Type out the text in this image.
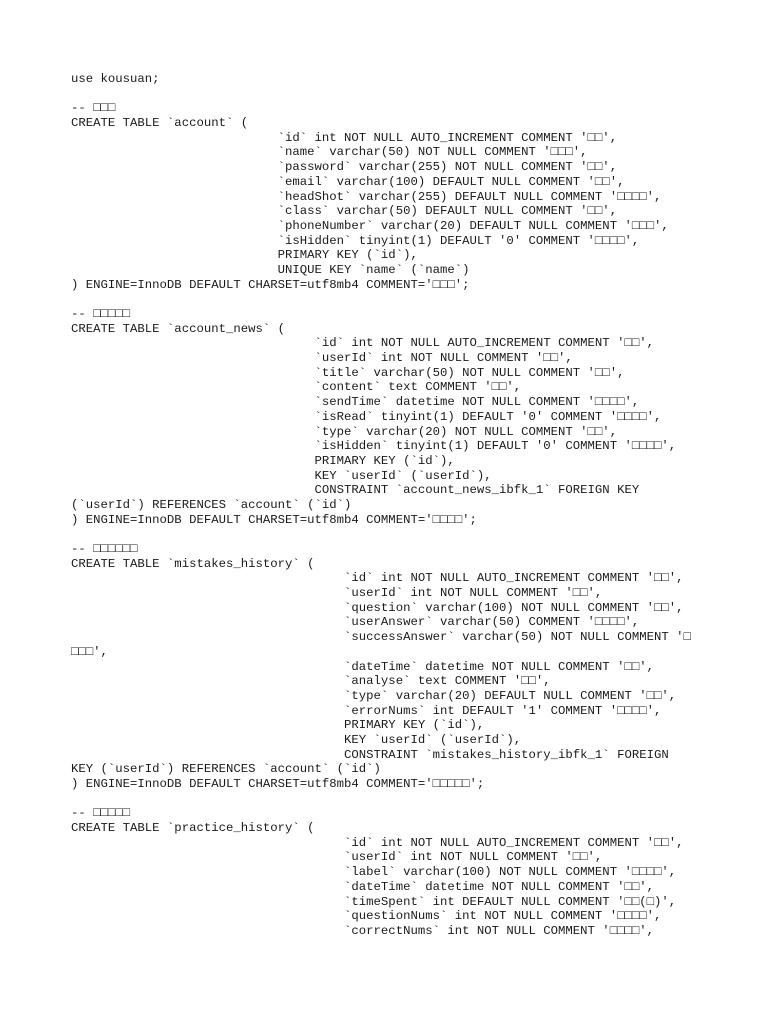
use kousuan;
-- □□□
CREATE TABLE `account` (
`id` int NOT NULL AUTO_INCREMENT COMMENT '□□',
`name` varchar(50) NOT NULL COMMENT '□□□',
`password` varchar(255) NOT NULL COMMENT '□□',
`email` varchar(100) DEFAULT NULL COMMENT '□□',
`headShot` varchar(255) DEFAULT NULL COMMENT '□□□□',
`class` varchar(50) DEFAULT NULL COMMENT '□□',
`phoneNumber` varchar(20) DEFAULT NULL COMMENT '□□□',
`isHidden` tinyint(1) DEFAULT '0' COMMENT '□□□□',
PRIMARY KEY (`id`),
UNIQUE KEY `name` (`name`)
) ENGINE=InnoDB DEFAULT CHARSET=utf8mb4 COMMENT='□□□';
-- □□□□□
CREATE TABLE `account_news` (
`id` int NOT NULL AUTO_INCREMENT COMMENT '□□',
`userId` int NOT NULL COMMENT '□□',
`title` varchar(50) NOT NULL COMMENT '□□',
`content` text COMMENT '□□',
`sendTime` datetime NOT NULL COMMENT '□□□□',
`isRead` tinyint(1) DEFAULT '0' COMMENT '□□□□',
`type` varchar(20) NOT NULL COMMENT '□□',
`isHidden` tinyint(1) DEFAULT '0' COMMENT '□□□□',
PRIMARY KEY (`id`),
KEY `userId` (`userId`),
CONSTRAINT `account_news_ibfk_1` FOREIGN KEY
(`userId`) REFERENCES `account` (`id`)
) ENGINE=InnoDB DEFAULT CHARSET=utf8mb4 COMMENT='□□□□';
-- □□□□□□
CREATE TABLE `mistakes_history` (
`id` int NOT NULL AUTO_INCREMENT COMMENT '□□',
`userId` int NOT NULL COMMENT '□□',
`question` varchar(100) NOT NULL COMMENT '□□',
`userAnswer` varchar(50) COMMENT '□□□□',
`successAnswer` varchar(50) NOT NULL COMMENT '□
□□□',
`dateTime` datetime NOT NULL COMMENT '□□',
`analyse` text COMMENT '□□',
`type` varchar(20) DEFAULT NULL COMMENT '□□',
`errorNums` int DEFAULT '1' COMMENT '□□□□',
PRIMARY KEY (`id`),
KEY `userId` (`userId`),
CONSTRAINT `mistakes_history_ibfk_1` FOREIGN
KEY (`userId`) REFERENCES `account` (`id`)
) ENGINE=InnoDB DEFAULT CHARSET=utf8mb4 COMMENT='□□□□□';
-- □□□□□
CREATE TABLE `practice_history` (
`id` int NOT NULL AUTO_INCREMENT COMMENT '□□',
`userId` int NOT NULL COMMENT '□□',
`label` varchar(100) NOT NULL COMMENT '□□□□',
`dateTime` datetime NOT NULL COMMENT '□□',
`timeSpent` int DEFAULT NULL COMMENT '□□(□)',
`questionNums` int NOT NULL COMMENT '□□□□',
`correctNums` int NOT NULL COMMENT '□□□□',
